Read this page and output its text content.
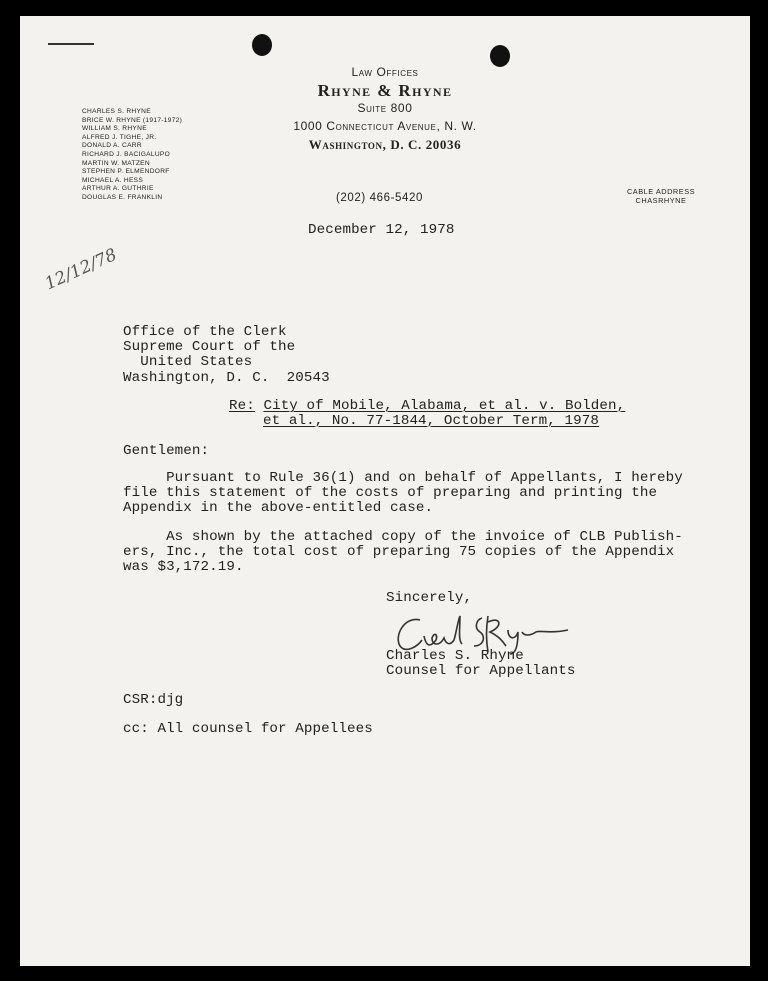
Law Offices
Rhyne & Rhyne
Suite 800
1000 Connecticut Avenue, N. W.
Washington, D. C. 20036
(202) 466-5420
CHARLES S. RHYNE
BRICE W. RHYNE (1917-1972)
WILLIAM S. RHYNE
ALFRED J. TIGHE, JR.
DONALD A. CARR
RICHARD J. BACIGALUPO
MARTIN W. MATZEN
STEPHEN P. ELMENDORF
MICHAEL A. HESS
ARTHUR A. GUTHRIE
DOUGLAS E. FRANKLIN
CABLE ADDRESS
CHASRHYNE
December 12, 1978
12/12/78
Office of the Clerk
Supreme Court of the
United States
Washington, D. C.  20543
Re: City of Mobile, Alabama, et al. v. Bolden,
et al., No. 77-1844, October Term, 1978
Gentlemen:
Pursuant to Rule 36(1) and on behalf of Appellants, I hereby
file this statement of the costs of preparing and printing the
Appendix in the above-entitled case.
As shown by the attached copy of the invoice of CLB Publish-
ers, Inc., the total cost of preparing 75 copies of the Appendix
was $3,172.19.
Sincerely,
Charles S. Rhyne
Counsel for Appellants
CSR:djg
cc: All counsel for Appellees
